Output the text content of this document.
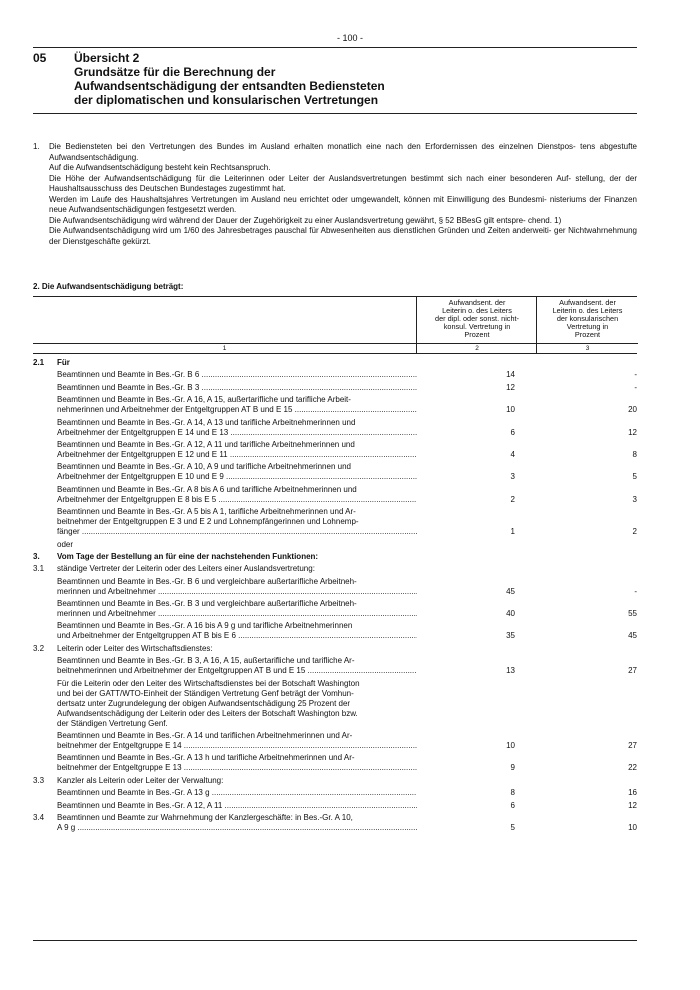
- 100 -
05 Übersicht 2
Grundsätze für die Berechnung der
Aufwandsentschädigung der entsandten Bediensteten
der diplomatischen und konsularischen Vertretungen
1. Die Bediensteten bei den Vertretungen des Bundes im Ausland erhalten monatlich eine nach den Erfordernissen des einzelnen Dienstpos- tens abgestufte Aufwandsentschädigung.

Auf die Aufwandsentschädigung besteht kein Rechtsanspruch.

Die Höhe der Aufwandsentschädigung für die Leiterinnen oder Leiter der Auslandsvertretungen bestimmt sich nach einer besonderen Auf- stellung, der der Haushaltsausschuss des Deutschen Bundestages zugestimmt hat.

Werden im Laufe des Haushaltsjahres Vertretungen im Ausland neu errichtet oder umgewandelt, können mit Einwilligung des Bundesmi- nisteriums der Finanzen neue Aufwandsentschädigungen festgesetzt werden.

Die Aufwandsentschädigung wird während der Dauer der Zugehörigkeit zu einer Auslandsvertretung gewährt, § 52 BBesG gilt entspre- chend. 1)

Die Aufwandsentschädigung wird um 1/60 des Jahresbetrages pauschal für Abwesenheiten aus dienstlichen Gründen und Zeiten anderweiti- ger Nichtwahrnehmung der Dienstgeschäfte gekürzt.

2. Die Aufwandsentschädigung beträgt:
Aufwandsent. der
Leiterin o. des Leiters
der dipl. oder sonst. nicht-
konsul. Vertretung in
Prozent
Aufwandsent. der
Leiterin o. des Leiters
der konsularischen
Vertretung in
Prozent
1	2	3
2.1	Für
Beamtinnen und Beamte in Bes.-Gr. B 6 .....	14	-
Beamtinnen und Beamte in Bes.-Gr. B 3 .....	12	-
Beamtinnen und Beamte in Bes.-Gr. A 16, A 15, außertarifliche und tarifliche Arbeit-
nehmerinnen und Arbeitnehmer der Entgeltgruppen AT B und E 15 .....	10	20
Beamtinnen und Beamte in Bes.-Gr. A 14, A 13 und tarifliche Arbeitnehmerinnen und
Arbeitnehmer der Entgeltgruppen E 14 und E 13 .....	6	12
Beamtinnen und Beamte in Bes.-Gr. A 12, A 11 und tarifliche Arbeitnehmerinnen und
Arbeitnehmer der Entgeltgruppen E 12 und E 11 .....	4	8
Beamtinnen und Beamte in Bes.-Gr. A 10, A 9 und tarifliche Arbeitnehmerinnen und
Arbeitnehmer der Entgeltgruppen E 10 und E 9 .....	3	5
Beamtinnen und Beamte in Bes.-Gr. A 8 bis A 6 und tarifliche Arbeitnehmerinnen und
Arbeitnehmer der Entgeltgruppen E 8 bis E 5 .....	2	3
Beamtinnen und Beamte in Bes.-Gr. A 5 bis A 1, tarifliche Arbeitnehmerinnen und Ar-
beitnehmer der Entgeltgruppen E 3 und E 2 und Lohnempfängerinnen und Lohnemp-
fänger .....	1	2
oder
3.	Vom Tage der Bestellung an für eine der nachstehenden Funktionen:
3.1	ständige Vertreter der Leiterin oder des Leiters einer Auslandsvertretung:
Beamtinnen und Beamte in Bes.-Gr. B 6 und vergleichbare außertarifliche Arbeitneh-
merinnen und Arbeitnehmer .....	45	-
Beamtinnen und Beamte in Bes.-Gr. B 3 und vergleichbare außertarifliche Arbeitneh-
merinnen und Arbeitnehmer .....	40	55
Beamtinnen und Beamte in Bes.-Gr. A 16 bis A 9 g und tarifliche Arbeitnehmerinnen
und Arbeitnehmer der Entgeltgruppen AT B bis E 6 .....	35	45
3.2	Leiterin oder Leiter des Wirtschaftsdienstes:
Beamtinnen und Beamte in Bes.-Gr. B 3, A 16, A 15, außertarifliche und tarifliche Ar-
beitnehmerinnen und Arbeitnehmer der Entgeltgruppen AT B und E 15 .....	13	27
Für die Leiterin oder den Leiter des Wirtschaftsdienstes bei der Botschaft Washington
und bei der GATT/WTO-Einheit der Ständigen Vertretung Genf beträgt der Vomhun-
dertsatz unter Zugrundelegung der obigen Aufwandsentschädigung 25 Prozent der
Aufwandsentschädigung der Leiterin oder des Leiters der Botschaft Washington bzw.
der Ständigen Vertretung Genf.
Beamtinnen und Beamte in Bes.-Gr. A 14 und tariflichen Arbeitnehmerinnen und Ar-
beitnehmer der Entgeltgruppe E 14 .....	10	27
Beamtinnen und Beamte in Bes.-Gr. A 13 h und tarifliche Arbeitnehmerinnen und Ar-
beitnehmer der Entgeltgruppe E 13 .....	9	22
3.3	Kanzler als Leiterin oder Leiter der Verwaltung:
Beamtinnen und Beamte in Bes.-Gr. A 13 g .....	8	16
Beamtinnen und Beamte in Bes.-Gr. A 12, A 11 .....	6	12
3.4	Beamtinnen und Beamte zur Wahrnehmung der Kanzlergeschäfte: in Bes.-Gr. A 10,
A 9 g .....	5	10
